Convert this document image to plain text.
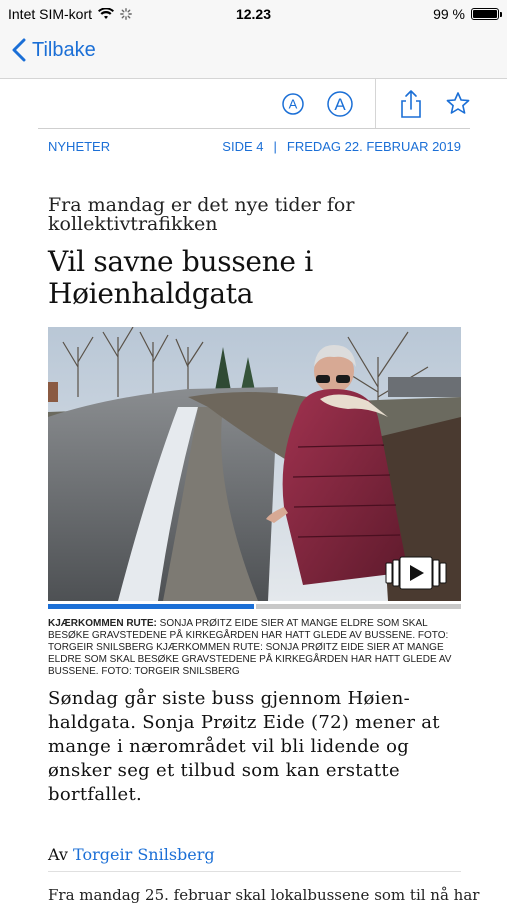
Intet SIM-kort	12.23	99 %
Tilbake
A A
NYHETER	SIDE 4 | FREDAG 22. FEBRUAR 2019
Fra mandag er det nye tider for kollektivtrafikken
Vil savne bussene i Høienhaldgata
KJÆRKOMMEN RUTE: SONJA PRØITZ EIDE SIER AT MANGE ELDRE SOM SKAL BESØKE GRAVSTEDENE PÅ KIRKEGÅRDEN HAR HATT GLEDE AV BUSSENE. FOTO: TORGEIR SNILSBERG KJÆRKOMMEN RUTE: SONJA PRØITZ EIDE SIER AT MANGE ELDRE SOM SKAL BESØKE GRAVSTEDENE PÅ KIRKEGÅRDEN HAR HATT GLEDE AV BUSSENE. FOTO: TORGEIR SNILSBERG
Søndag går siste buss gjennom Høien-haldgata. Sonja Prøitz Eide (72) mener at mange i nærområdet vil bli lidende og ønsker seg et tilbud som kan erstatte bortfallet.
Av Torgeir Snilsberg
Fra mandag 25. februar skal lokalbussene som til nå har
